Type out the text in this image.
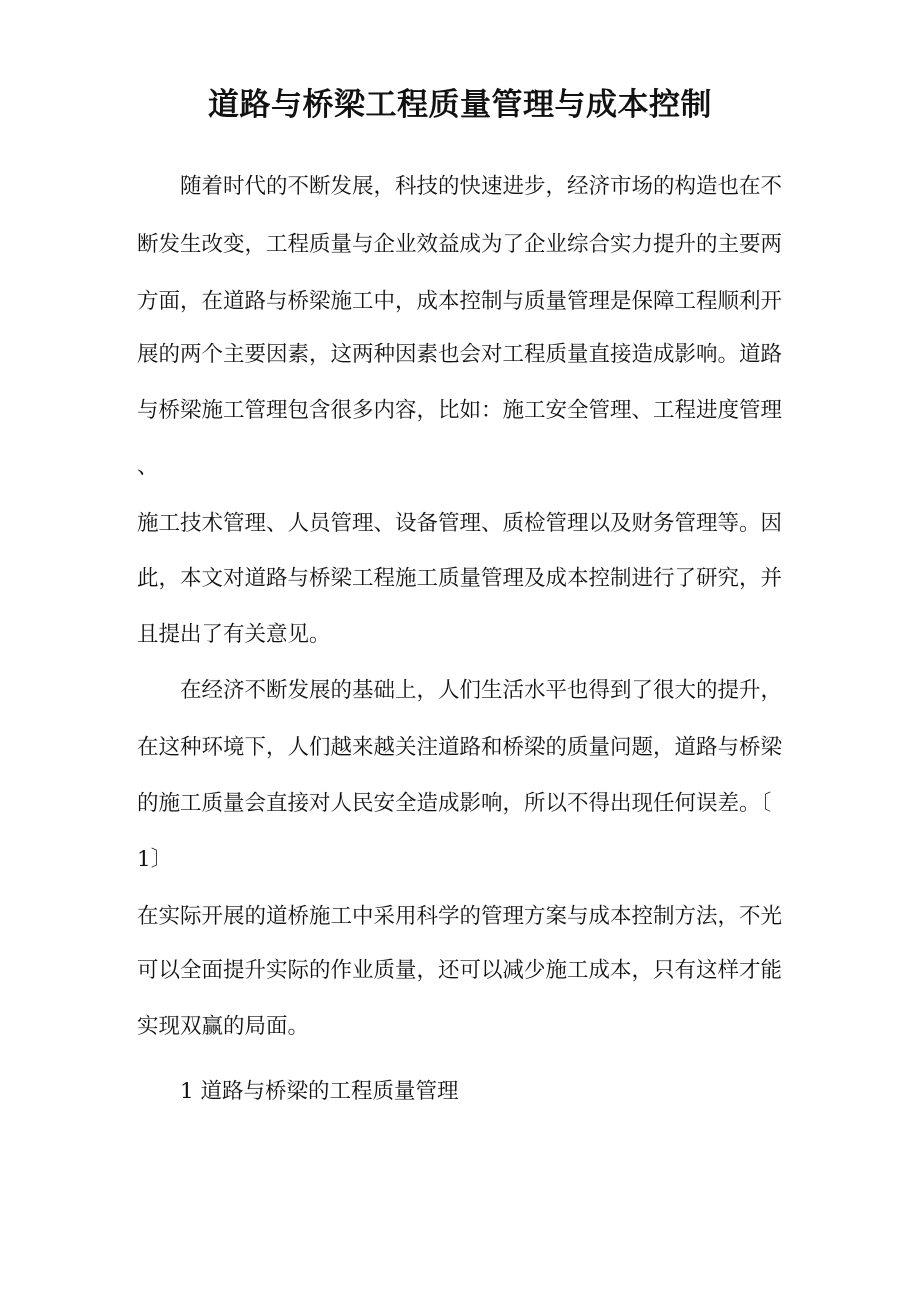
道路与桥梁工程质量管理与成本控制
随着时代的不断发展，科技的快速进步，经济市场的构造也在不
断发生改变，工程质量与企业效益成为了企业综合实力提升的主要两
方面，在道路与桥梁施工中，成本控制与质量管理是保障工程顺利开
展的两个主要因素，这两种因素也会对工程质量直接造成影响。道路
与桥梁施工管理包含很多内容，比如：施工安全管理、工程进度管理
、
施工技术管理、人员管理、设备管理、质检管理以及财务管理等。因
此，本文对道路与桥梁工程施工质量管理及成本控制进行了研究，并
且提出了有关意见。
在经济不断发展的基础上，人们生活水平也得到了很大的提升，
在这种环境下，人们越来越关注道路和桥梁的质量问题，道路与桥梁
的施工质量会直接对人民安全造成影响，所以不得出现任何误差。〔
1〕
在实际开展的道桥施工中采用科学的管理方案与成本控制方法，不光
可以全面提升实际的作业质量，还可以减少施工成本，只有这样才能
实现双赢的局面。
1 道路与桥梁的工程质量管理
